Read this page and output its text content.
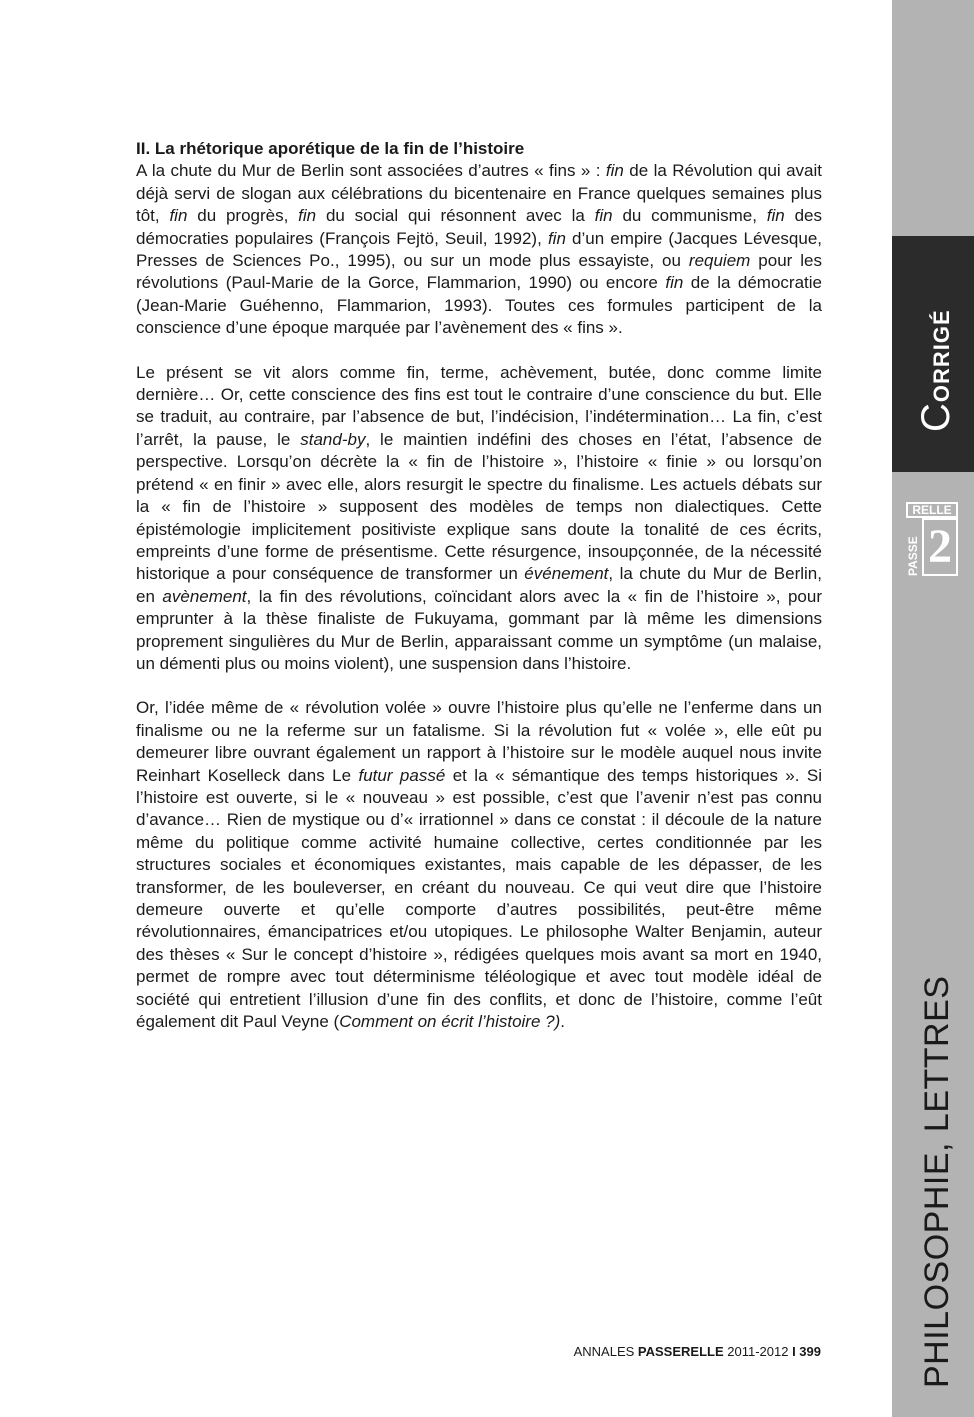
II. La rhétorique aporétique de la fin de l’histoire

A la chute du Mur de Berlin sont associées d’autres « fins » : fin de la Révolution qui avait déjà servi de slogan aux célébrations du bicentenaire en France quelques semaines plus tôt, fin du progrès, fin du social qui résonnent avec la fin du communisme, fin des démocraties populaires (François Fejtö, Seuil, 1992), fin d’un empire (Jacques Lévesque, Presses de Sciences Po., 1995), ou sur un mode plus essayiste, ou requiem pour les révolutions (Paul-Marie de la Gorce, Flammarion, 1990) ou encore fin de la démocratie (Jean-Marie Guéhenno, Flammarion, 1993). Toutes ces formules participent de la conscience d’une époque marquée par l’avènement des « fins ».

Le présent se vit alors comme fin, terme, achèvement, butée, donc comme limite dernière… Or, cette conscience des fins est tout le contraire d’une conscience du but. Elle se traduit, au contraire, par l’absence de but, l’indécision, l’indétermination… La fin, c’est l’arrêt, la pause, le stand-by, le maintien indéfini des choses en l’état, l’absence de perspective. Lorsqu’on décrète la « fin de l’histoire », l’histoire « finie » ou lorsqu’on prétend « en finir » avec elle, alors resurgit le spectre du finalisme. Les actuels débats sur la « fin de l’histoire » supposent des modèles de temps non dialectiques. Cette épistémologie implicitement positiviste explique sans doute la tonalité de ces écrits, empreints d’une forme de présentisme. Cette résurgence, insoupçonnée, de la nécessité historique a pour conséquence de transformer un événement, la chute du Mur de Berlin, en avènement, la fin des révolutions, coïncidant alors avec la « fin de l’histoire », pour emprunter à la thèse finaliste de Fukuyama, gommant par là même les dimensions proprement singulières du Mur de Berlin, apparaissant comme un symptôme (un malaise, un démenti plus ou moins violent), une suspension dans l’histoire.

Or, l’idée même de « révolution volée » ouvre l’histoire plus qu’elle ne l’enferme dans un finalisme ou ne la referme sur un fatalisme. Si la révolution fut « volée », elle eût pu demeurer libre ouvrant également un rapport à l’histoire sur le modèle auquel nous invite Reinhart Koselleck dans Le futur passé et la « sémantique des temps historiques ». Si l’histoire est ouverte, si le « nouveau » est possible, c’est que l’avenir n’est pas connu d’avance… Rien de mystique ou d’« irrationnel » dans ce constat : il découle de la nature même du politique comme activité humaine collective, certes conditionnée par les structures sociales et économiques existantes, mais capable de les dépasser, de les transformer, de les bouleverser, en créant du nouveau. Ce qui veut dire que l’histoire demeure ouverte et qu’elle comporte d’autres possibilités, peut-être même révolutionnaires, émancipatrices et/ou utopiques. Le philosophe Walter Benjamin, auteur des thèses « Sur le concept d’histoire », rédigées quelques mois avant sa mort en 1940, permet de rompre avec tout déterminisme téléologique et avec tout modèle idéal de société qui entretient l’illusion d’une fin des conflits, et donc de l’histoire, comme l’eût également dit Paul Veyne (Comment on écrit l’histoire ?).

CORRIGÉ
RELLE
PASSE 2
PHILOSOPHIE, LETTRES
ANNALES PASSERELLE 2011-2012 I 399
